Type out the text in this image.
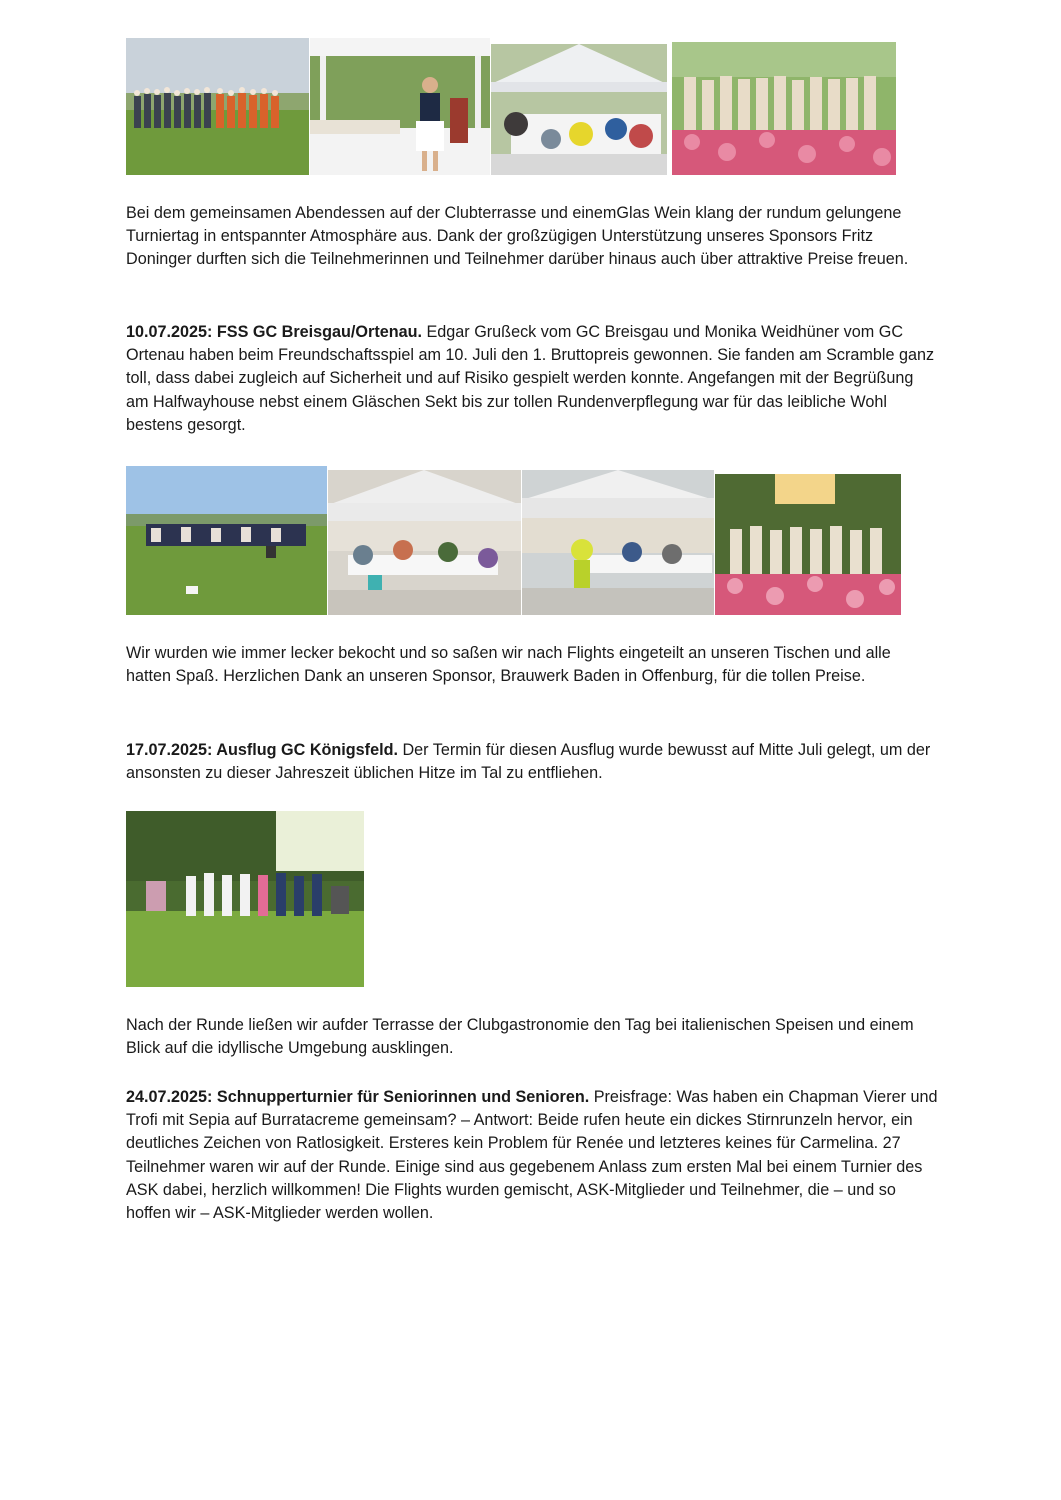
Bei dem gemeinsamen Abendessen auf der Clubterrasse und einemGlas Wein klang der rundum gelungene Turniertag in entspannter Atmosphäre aus. Dank der großzügigen Unterstützung unseres Sponsors Fritz Doninger durften sich die Teilnehmerinnen und Teilnehmer darüber hinaus auch über attraktive Preise freuen.

10.07.2025: FSS GC Breisgau/Ortenau. Edgar Grußeck vom GC Breisgau und Monika Weidhüner vom GC Ortenau haben beim Freundschaftsspiel am 10. Juli den 1. Bruttopreis gewonnen. Sie fanden am Scramble ganz toll, dass dabei zugleich auf Sicherheit und auf Risiko gespielt werden konnte. Angefangen mit der Begrüßung am Halfwayhouse nebst einem Gläschen Sekt bis zur tollen Rundenverpflegung war für das leibliche Wohl bestens gesorgt.

Wir wurden wie immer lecker bekocht und so saßen wir nach Flights eingeteilt an unseren Tischen und alle hatten Spaß. Herzlichen Dank an unseren Sponsor, Brauwerk Baden in Offenburg, für die tollen Preise.

17.07.2025: Ausflug GC Königsfeld. Der Termin für diesen Ausflug wurde bewusst auf Mitte Juli gelegt, um der ansonsten zu dieser Jahreszeit üblichen Hitze im Tal zu entfliehen.

Nach der Runde ließen wir aufder Terrasse der Clubgastronomie den Tag bei italienischen Speisen und einem Blick auf die idyllische Umgebung ausklingen.

24.07.2025: Schnupperturnier für Seniorinnen und Senioren. Preisfrage: Was haben ein Chapman Vierer und Trofi mit Sepia auf Burratacreme gemeinsam? – Antwort: Beide rufen heute ein dickes Stirnrunzeln hervor, ein deutliches Zeichen von Ratlosigkeit. Ersteres kein Problem für Renée und letzteres keines für Carmelina. 27 Teilnehmer waren wir auf der Runde. Einige sind aus gegebenem Anlass zum ersten Mal bei einem Turnier des ASK dabei, herzlich willkommen! Die Flights wurden gemischt, ASK-Mitglieder und Teilnehmer, die – und so hoffen wir – ASK-Mitglieder werden wollen.
